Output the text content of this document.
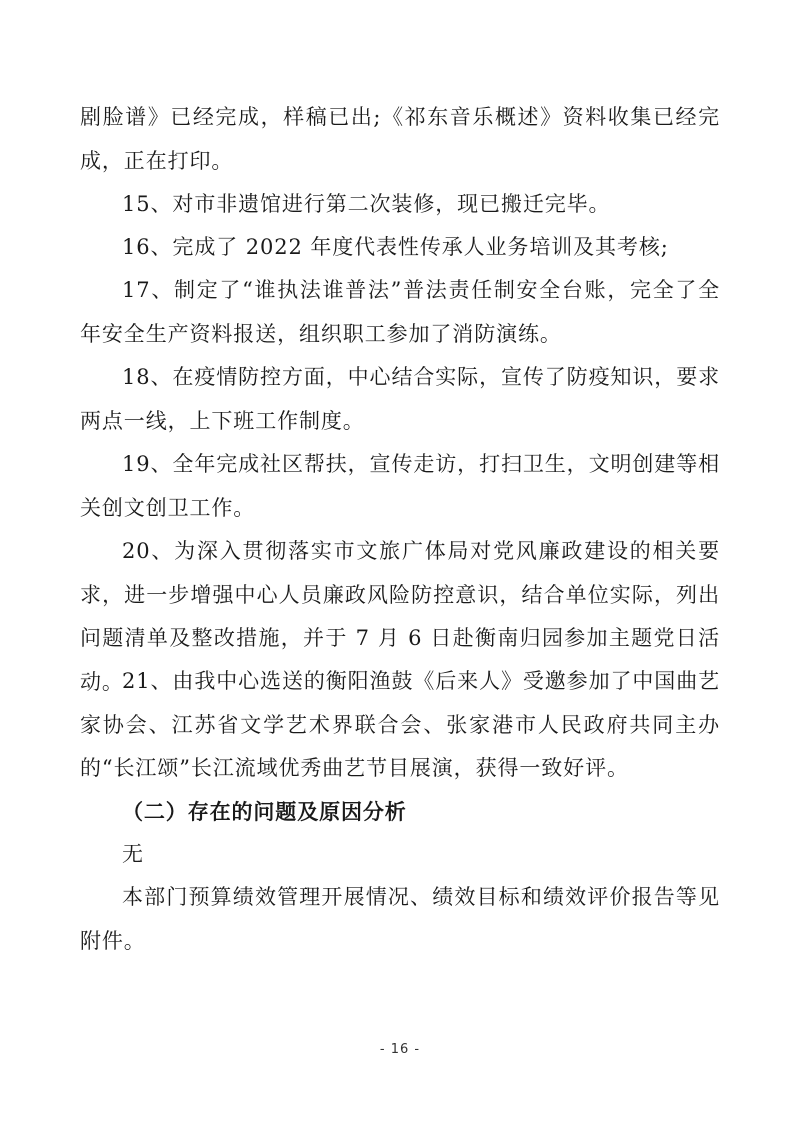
剧脸谱》已经完成，样稿已出;《祁东音乐概述》资料收集已经完成，正在打印。

15、对市非遗馆进行第二次装修，现已搬迁完毕。

16、完成了 2022 年度代表性传承人业务培训及其考核;

17、制定了“谁执法谁普法”普法责任制安全台账，完全了全年安全生产资料报送，组织职工参加了消防演练。

18、在疫情防控方面，中心结合实际，宣传了防疫知识，要求两点一线，上下班工作制度。

19、全年完成社区帮扶，宣传走访，打扫卫生，文明创建等相关创文创卫工作。

20、为深入贯彻落实市文旅广体局对党风廉政建设的相关要求，进一步增强中心人员廉政风险防控意识，结合单位实际，列出问题清单及整改措施，并于 7 月 6 日赴衡南归园参加主题党日活动。

21、由我中心选送的衡阳渔鼓《后来人》受邀参加了中国曲艺家协会、江苏省文学艺术界联合会、张家港市人民政府共同主办的“长江颂”长江流域优秀曲艺节目展演，获得一致好评。

（二）存在的问题及原因分析

无

本部门预算绩效管理开展情况、绩效目标和绩效评价报告等见附件。

- 16 -
